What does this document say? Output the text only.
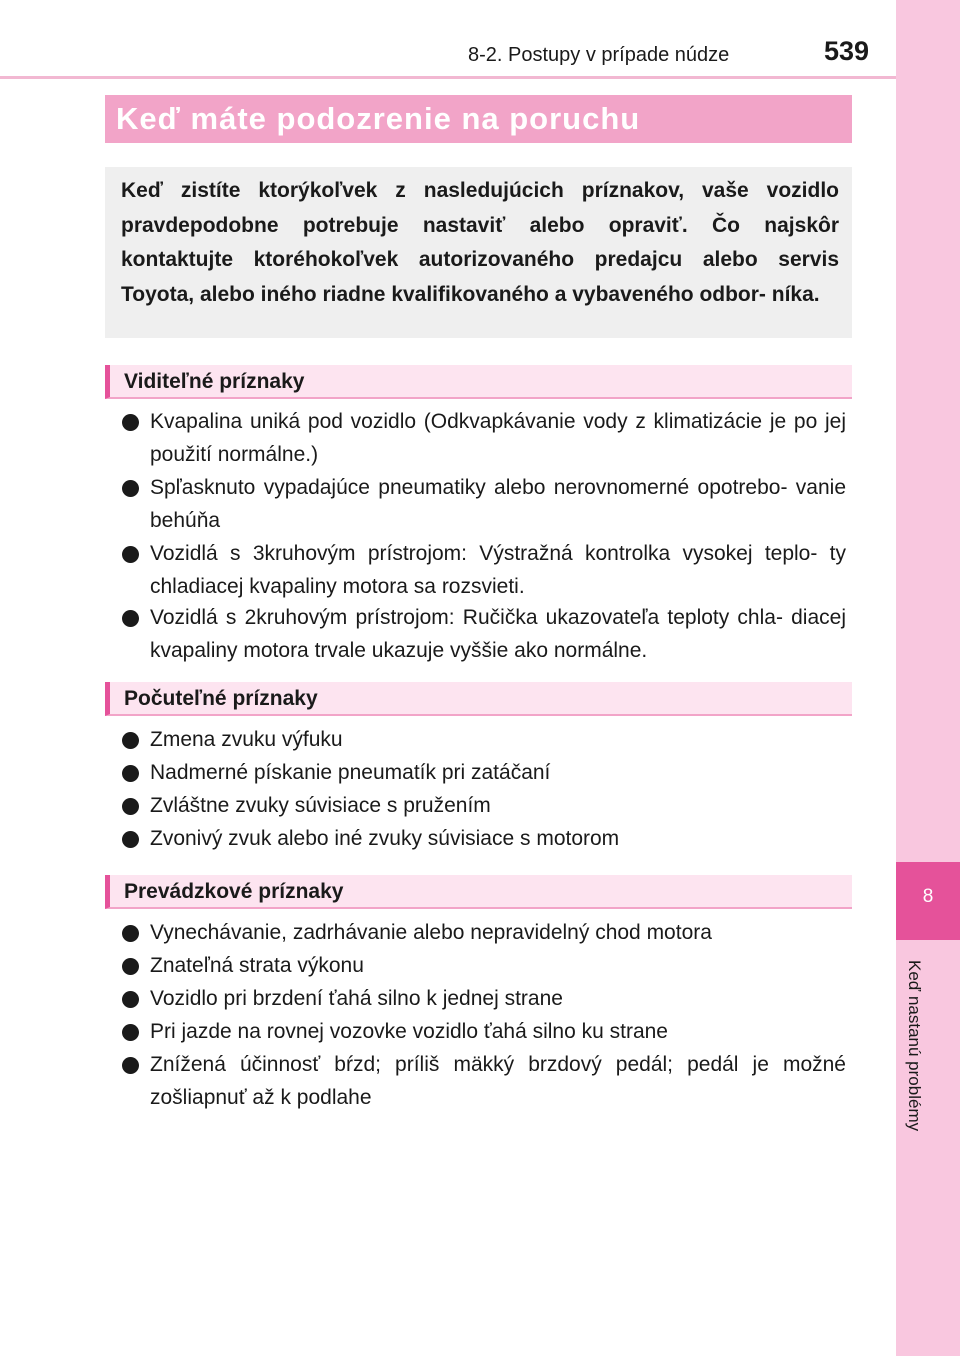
8-2. Postupy v prípade núdze	539
8
Keď nastanú problémy
Keď máte podozrenie na poruchu
Keď zistíte ktorýkoľvek z nasledujúcich príznakov, vaše vozidlo pravdepodobne potrebuje nastaviť alebo opraviť. Čo najskôr kontaktujte ktoréhokoľvek autorizovaného predajcu alebo servis Toyota, alebo iného riadne kvalifikovaného a vybaveného odbor- níka.
Viditeľné príznaky
Kvapalina uniká pod vozidlo (Odkvapkávanie vody z klimatizácie je po jej použití normálne.)
Spľasknuto vypadajúce pneumatiky alebo nerovnomerné opotrebo- vanie behúňa
Vozidlá s 3kruhovým prístrojom: Výstražná kontrolka vysokej teplo- ty chladiacej kvapaliny motora sa rozsvieti.
Vozidlá s 2kruhovým prístrojom: Ručička ukazovateľa teploty chla- diacej kvapaliny motora trvale ukazuje vyššie ako normálne.
Počuteľné príznaky
Zmena zvuku výfuku
Nadmerné pískanie pneumatík pri zatáčaní
Zvláštne zvuky súvisiace s pružením
Zvonivý zvuk alebo iné zvuky súvisiace s motorom
Prevádzkové príznaky
Vynechávanie, zadrhávanie alebo nepravidelný chod motora
Znateľná strata výkonu
Vozidlo pri brzdení ťahá silno k jednej strane
Pri jazde na rovnej vozovke vozidlo ťahá silno ku strane
Znížená účinnosť bŕzd; príliš mäkký brzdový pedál; pedál je možné zošliapnuť až k podlahe
